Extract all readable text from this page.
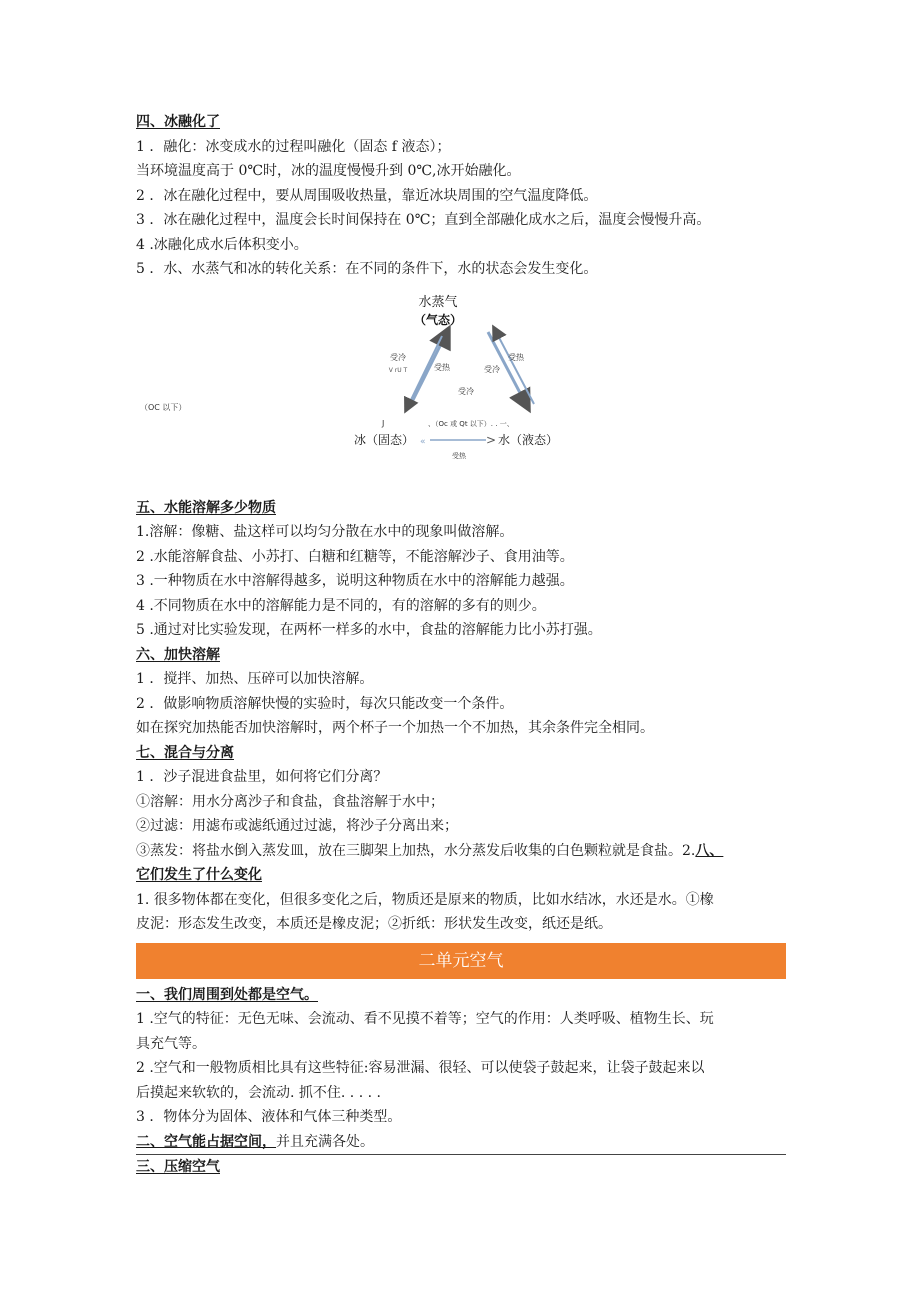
四、冰融化了
1 ．融化：冰变成水的过程叫融化（固态 f 液态）；
当环境温度高于 0℃时，冰的温度慢慢升到 0℃,冰开始融化。
2 ．冰在融化过程中，要从周围吸收热量，靠近冰块周围的空气温度降低。
3 ．冰在融化过程中，温度会长时间保持在 0℃；直到全部融化成水之后，温度会慢慢升高。
4 .冰融化成水后体积变小。
5 ．水、水蒸气和冰的转化关系：在不同的条件下，水的状态会发生变化。
水蒸气
（气态）
受冷
V rU T	受热
受热
受冷
受冷
（OC 以下）
J	、（Oc 或 Qt 以下）. . 一、
冰（固态） «	> 水（液态）
受热
五、水能溶解多少物质
1.溶解：像糖、盐这样可以均匀分散在水中的现象叫做溶解。
2 .水能溶解食盐、小苏打、白糖和红糖等，不能溶解沙子、食用油等。
3 .一种物质在水中溶解得越多，说明这种物质在水中的溶解能力越强。
4 .不同物质在水中的溶解能力是不同的，有的溶解的多有的则少。
5 .通过对比实验发现，在两杯一样多的水中，食盐的溶解能力比小苏打强。
六、加快溶解
1 ．搅拌、加热、压碎可以加快溶解。
2 ．做影响物质溶解快慢的实验时，每次只能改变一个条件。
如在探究加热能否加快溶解时，两个杯子一个加热一个不加热，其余条件完全相同。
七、混合与分离
1 ．沙子混进食盐里，如何将它们分离？
①溶解：用水分离沙子和食盐，食盐溶解于水中；
②过滤：用滤布或滤纸通过过滤，将沙子分离出来；
③蒸发：将盐水倒入蒸发皿，放在三脚架上加热，水分蒸发后收集的白色颗粒就是食盐。2.八、
它们发生了什么变化
1. 很多物体都在变化，但很多变化之后，物质还是原来的物质，比如水结冰，水还是水。①橡
皮泥：形态发生改变，本质还是橡皮泥；②折纸：形状发生改变，纸还是纸。
二单元空气
一、我们周围到处都是空气。
1 .空气的特征：无色无味、会流动、看不见摸不着等；空气的作用：人类呼吸、植物生长、玩
具充气等。
2 .空气和一般物质相比具有这些特征:容易泄漏、很轻、可以使袋子鼓起来，让袋子鼓起来以
后摸起来软软的，会流动. 抓不住. . . . .
3 ．物体分为固体、液体和气体三种类型。
二、空气能占据空间，并且充满各处。
三、压缩空气
